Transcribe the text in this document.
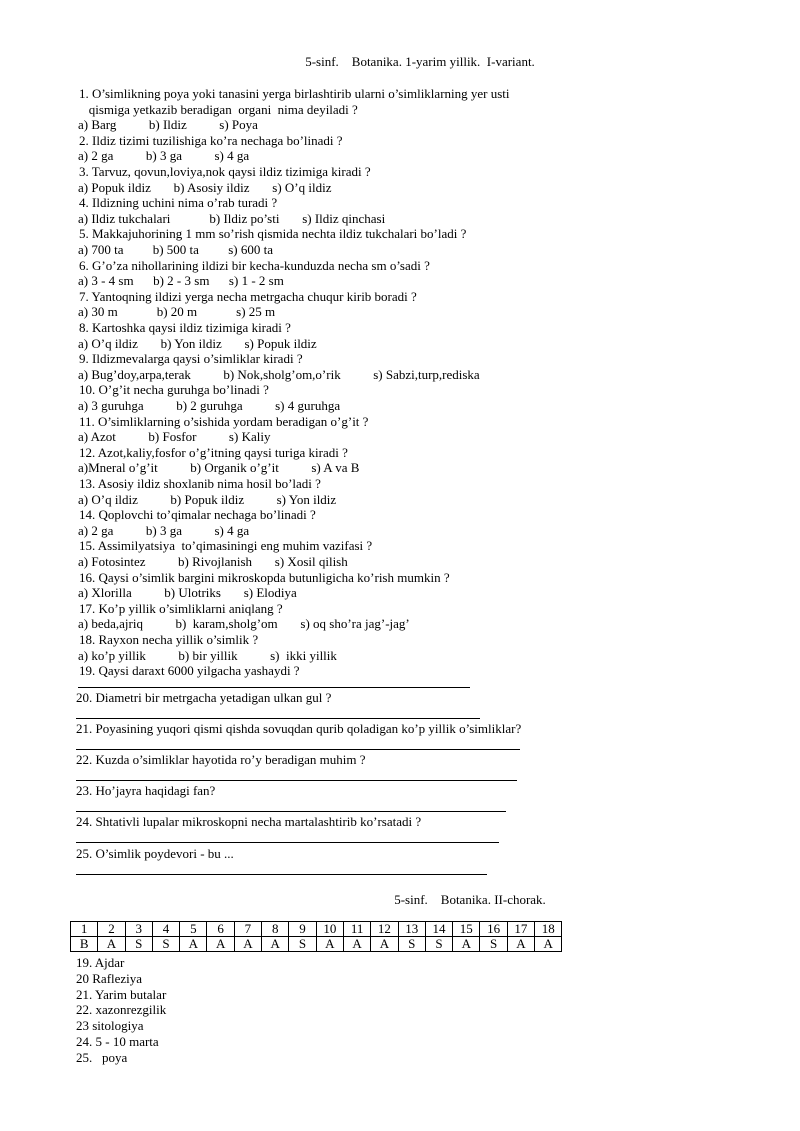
5-sinf.    Botanika. 1-yarim yillik.  I-variant.
1. O’simlikning poya yoki tanasini yerga birlashtirib ularni o’simliklarning yer usti
qismiga yetkazib beradigan  organi  nima deyiladi ?
a) Barg          b) Ildiz          s) Poya
2. Ildiz tizimi tuzilishiga ko’ra nechaga bo’linadi ?
a) 2 ga          b) 3 ga          s) 4 ga
3. Tarvuz, qovun,loviya,nok qaysi ildiz tizimiga kiradi ?
a) Popuk ildiz       b) Asosiy ildiz       s) O’q ildiz
4. Ildizning uchini nima o’rab turadi ?
a) Ildiz tukchalari            b) Ildiz po’sti       s) Ildiz qinchasi
5. Makkajuhorining 1 mm so’rish qismida nechta ildiz tukchalari bo’ladi ?
a) 700 ta         b) 500 ta         s) 600 ta
6. G’o’za nihollarining ildizi bir kecha-kunduzda necha sm o’sadi ?
a) 3 - 4 sm      b) 2 - 3 sm      s) 1 - 2 sm
7. Yantoqning ildizi yerga necha metrgacha chuqur kirib boradi ?
a) 30 m            b) 20 m            s) 25 m
8. Kartoshka qaysi ildiz tizimiga kiradi ?
a) O’q ildiz       b) Yon ildiz       s) Popuk ildiz
9. Ildizmevalarga qaysi o’simliklar kiradi ?
a) Bug’doy,arpa,terak          b) Nok,sholg’om,o’rik          s) Sabzi,turp,rediska
10. O’g’it necha guruhga bo’linadi ?
a) 3 guruhga          b) 2 guruhga          s) 4 guruhga
11. O’simliklarning o’sishida yordam beradigan o’g’it ?
a) Azot          b) Fosfor          s) Kaliy
12. Azot,kaliy,fosfor o’g’itning qaysi turiga kiradi ?
a)Mneral o’g’it          b) Organik o’g’it          s) A va B
13. Asosiy ildiz shoxlanib nima hosil bo’ladi ?
a) O’q ildiz          b) Popuk ildiz          s) Yon ildiz
14. Qoplovchi to’qimalar nechaga bo’linadi ?
a) 2 ga          b) 3 ga          s) 4 ga
15. Assimilyatsiya  to’qimasiningi eng muhim vazifasi ?
a) Fotosintez          b) Rivojlanish       s) Xosil qilish
16. Qaysi o’simlik bargini mikroskopda butunligicha ko’rish mumkin ?
a) Xlorilla          b) Ulotriks       s) Elodiya
17. Ko’p yillik o’simliklarni aniqlang ?
a) beda,ajriq          b)  karam,sholg’om       s) oq sho’ra jag’-jag’
18. Rayxon necha yillik o’simlik ?
a) ko’p yillik          b) bir yillik          s)  ikki yillik
19. Qaysi daraxt 6000 yilgacha yashaydi ?
20. Diametri bir metrgacha yetadigan ulkan gul ?
21. Poyasining yuqori qismi qishda sovuqdan qurib qoladigan ko’p yillik o’simliklar?
22. Kuzda o’simliklar hayotida ro’y beradigan muhim ?
23. Ho’jayra haqidagi fan?
24. Shtativli lupalar mikroskopni necha martalashtirib ko’rsatadi ?
25. O’simlik poydevori - bu ...
5-sinf.    Botanika. II-chorak.
1	2	3	4	5	6	7	8	9	10	11	12	13	14	15	16	17	18
B	A	S	S	A	A	A	A	S	A	A	A	S	S	A	S	A	A
19. Ajdar
20 Rafleziya
21. Yarim butalar
22. xazonrezgilik
23 sitologiya
24. 5 - 10 marta
25.   poya
